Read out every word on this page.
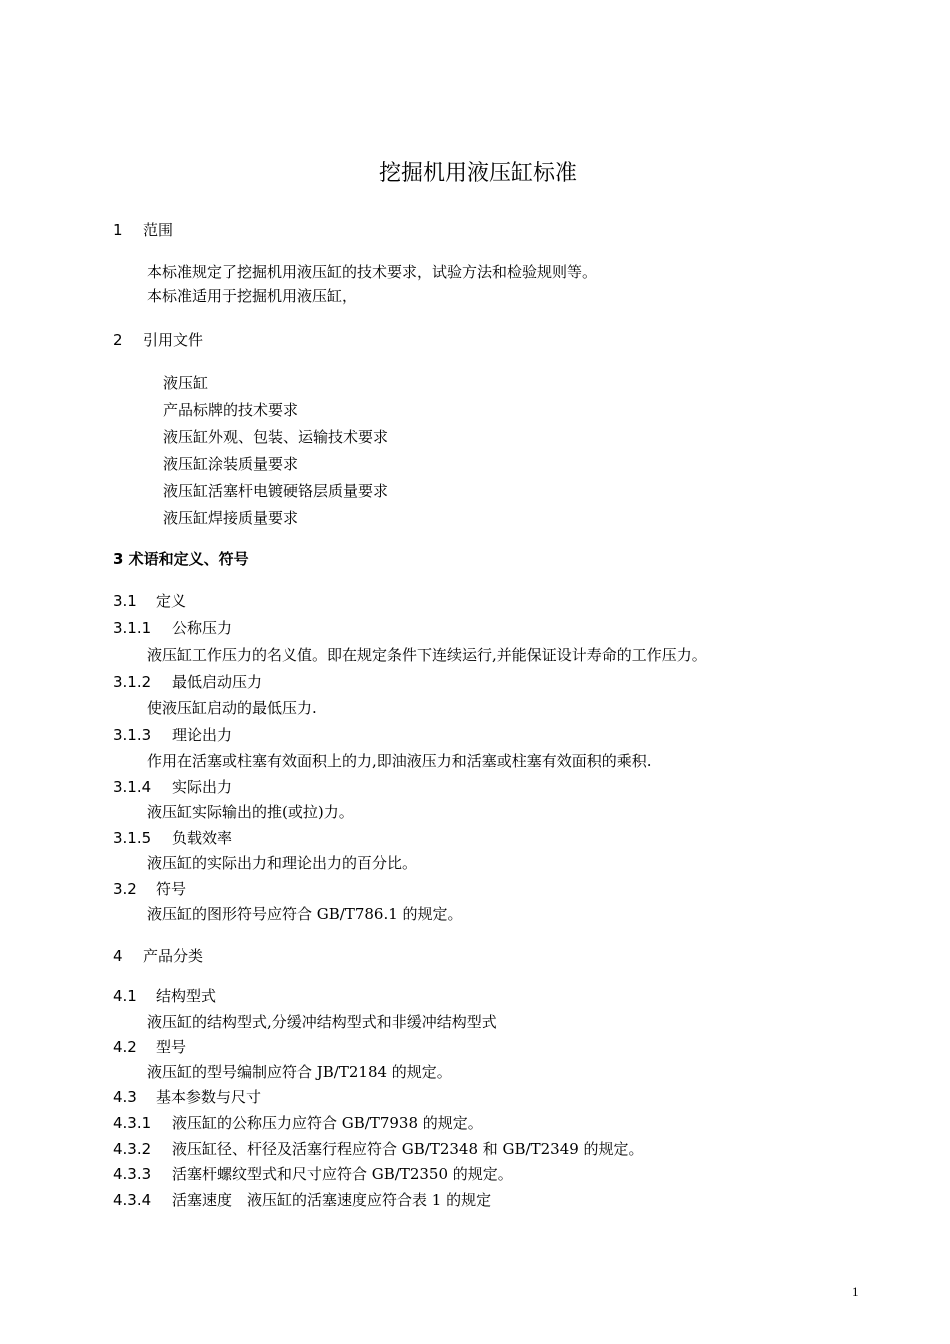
挖掘机用液压缸标准
1 范围
本标准规定了挖掘机用液压缸的技术要求，试验方法和检验规则等。
本标准适用于挖掘机用液压缸，
2 引用文件
液压缸
产品标牌的技术要求
液压缸外观、包装、运输技术要求
液压缸涂装质量要求
液压缸活塞杆电镀硬铬层质量要求
液压缸焊接质量要求
3 术语和定义、符号
3.1 定义
3.1.1 公称压力
液压缸工作压力的名义值。即在规定条件下连续运行,并能保证设计寿命的工作压力。
3.1.2 最低启动压力
使液压缸启动的最低压力.
3.1.3 理论出力
作用在活塞或柱塞有效面积上的力,即油液压力和活塞或柱塞有效面积的乘积.
3.1.4 实际出力
液压缸实际输出的推(或拉)力。
3.1.5 负载效率
液压缸的实际出力和理论出力的百分比。
3.2 符号
液压缸的图形符号应符合 GB/T786.1 的规定。
4 产品分类
4.1 结构型式
液压缸的结构型式,分缓冲结构型式和非缓冲结构型式
4.2 型号
液压缸的型号编制应符合 JB/T2184 的规定。
4.3 基本参数与尺寸
4.3.1 液压缸的公称压力应符合 GB/T7938 的规定。
4.3.2 液压缸径、杆径及活塞行程应符合 GB/T2348 和 GB/T2349 的规定。
4.3.3 活塞杆螺纹型式和尺寸应符合 GB/T2350 的规定。
4.3.4 活塞速度　液压缸的活塞速度应符合表 1 的规定
1
